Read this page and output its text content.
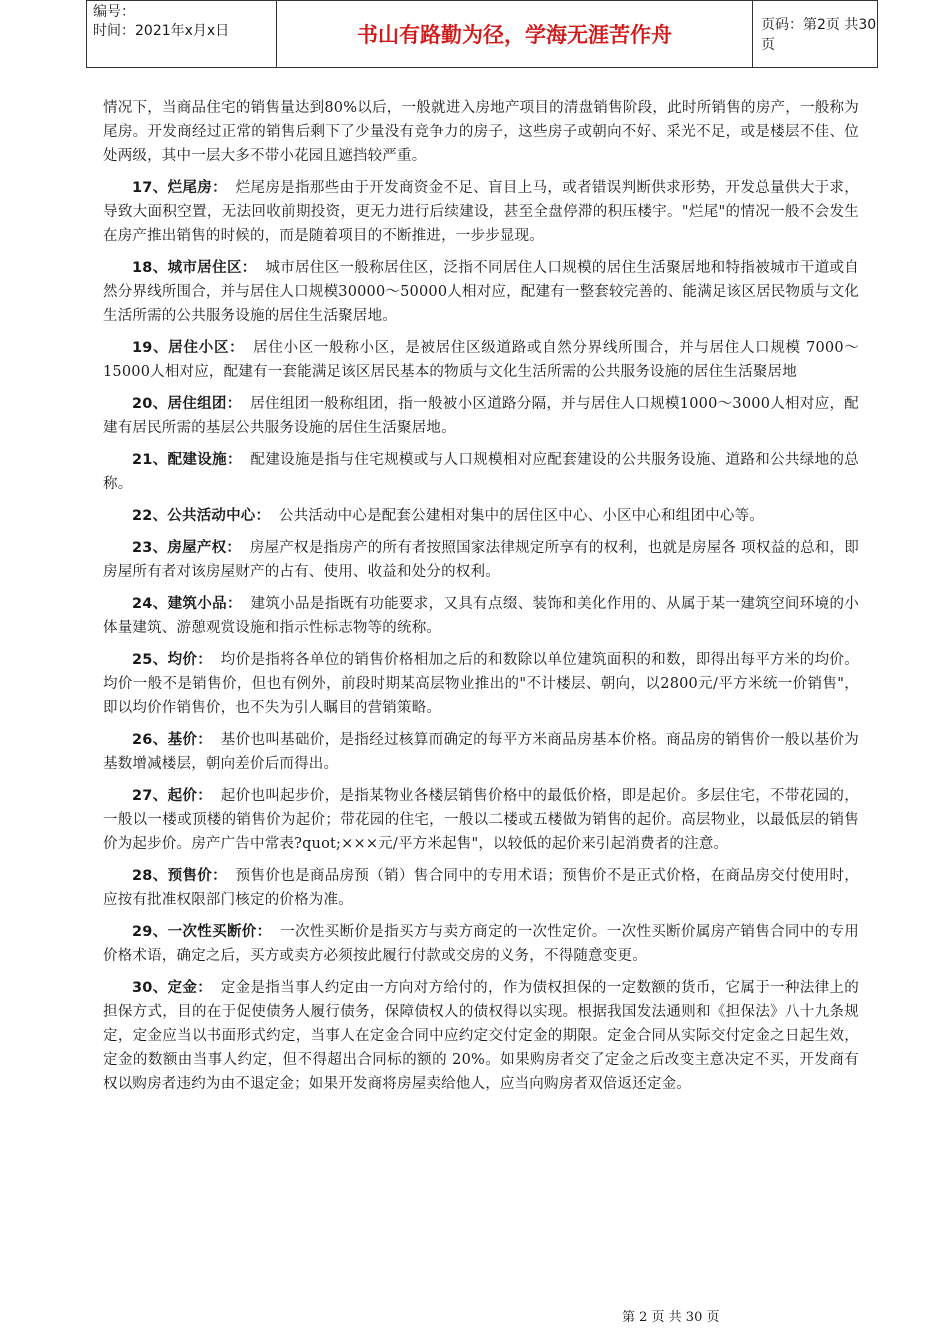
编号：
时间：2021年x月x日	书山有路勤为径，学海无涯苦作舟	页码：第2页 共30页

情况下，当商品住宅的销售量达到80%以后，一般就进入房地产项目的清盘销售阶段，此时所销售的房产，一般称为尾房。开发商经过正常的销售后剩下了少量没有竞争力的房子，这些房子或朝向不好、采光不足，或是楼层不佳、位处两级，其中一层大多不带小花园且遮挡较严重。

17、烂尾房： 烂尾房是指那些由于开发商资金不足、盲目上马，或者错误判断供求形势，开发总量供大于求，导致大面积空置，无法回收前期投资，更无力进行后续建设，甚至全盘停滞的积压楼宇。"烂尾"的情况一般不会发生在房产推出销售的时候的，而是随着项目的不断推进，一步步显现。

18、城市居住区： 城市居住区一般称居住区，泛指不同居住人口规模的居住生活聚居地和特指被城市干道或自然分界线所围合，并与居住人口规模30000～50000人相对应，配建有一整套较完善的、能满足该区居民物质与文化生活所需的公共服务设施的居住生活聚居地。

19、居住小区： 居住小区一般称小区，是被居住区级道路或自然分界线所围合，并与居住人口规模 7000～15000人相对应，配建有一套能满足该区居民基本的物质与文化生活所需的公共服务设施的居住生活聚居地

20、居住组团： 居住组团一般称组团，指一般被小区道路分隔，并与居住人口规模1000～3000人相对应，配建有居民所需的基层公共服务设施的居住生活聚居地。

21、配建设施： 配建设施是指与住宅规模或与人口规模相对应配套建设的公共服务设施、道路和公共绿地的总称。

22、公共活动中心： 公共活动中心是配套公建相对集中的居住区中心、小区中心和组团中心等。

23、房屋产权： 房屋产权是指房产的所有者按照国家法律规定所享有的权利，也就是房屋各 项权益的总和，即房屋所有者对该房屋财产的占有、使用、收益和处分的权利。

24、建筑小品： 建筑小品是指既有功能要求，又具有点缀、装饰和美化作用的、从属于某一建筑空间环境的小体量建筑、游憩观赏设施和指示性标志物等的统称。

25、均价： 均价是指将各单位的销售价格相加之后的和数除以单位建筑面积的和数，即得出每平方米的均价。均价一般不是销售价，但也有例外，前段时期某高层物业推出的"不计楼层、朝向，以2800元/平方米统一价销售"，即以均价作销售价，也不失为引人瞩目的营销策略。

26、基价： 基价也叫基础价，是指经过核算而确定的每平方米商品房基本价格。商品房的销售价一般以基价为基数增减楼层，朝向差价后而得出。

27、起价： 起价也叫起步价，是指某物业各楼层销售价格中的最低价格，即是起价。多层住宅，不带花园的，一般以一楼或顶楼的销售价为起价；带花园的住宅，一般以二楼或五楼做为销售的起价。高层物业，以最低层的销售价为起步价。房产广告中常表?quot;×××元/平方米起售"，以较低的起价来引起消费者的注意。

28、预售价： 预售价也是商品房预（销）售合同中的专用术语；预售价不是正式价格，在商品房交付使用时，应按有批准权限部门核定的价格为准。

29、一次性买断价： 一次性买断价是指买方与卖方商定的一次性定价。一次性买断价属房产销售合同中的专用价格术语，确定之后，买方或卖方必须按此履行付款或交房的义务，不得随意变更。

30、定金： 定金是指当事人约定由一方向对方给付的，作为债权担保的一定数额的货币，它属于一种法律上的担保方式，目的在于促使债务人履行债务，保障债权人的债权得以实现。根据我国发法通则和《担保法》八十九条规定，定金应当以书面形式约定，当事人在定金合同中应约定交付定金的期限。定金合同从实际交付定金之日起生效，定金的数额由当事人约定，但不得超出合同标的额的 20%。如果购房者交了定金之后改变主意决定不买，开发商有权以购房者违约为由不退定金；如果开发商将房屋卖给他人，应当向购房者双倍返还定金。

第 2 页 共 30 页
